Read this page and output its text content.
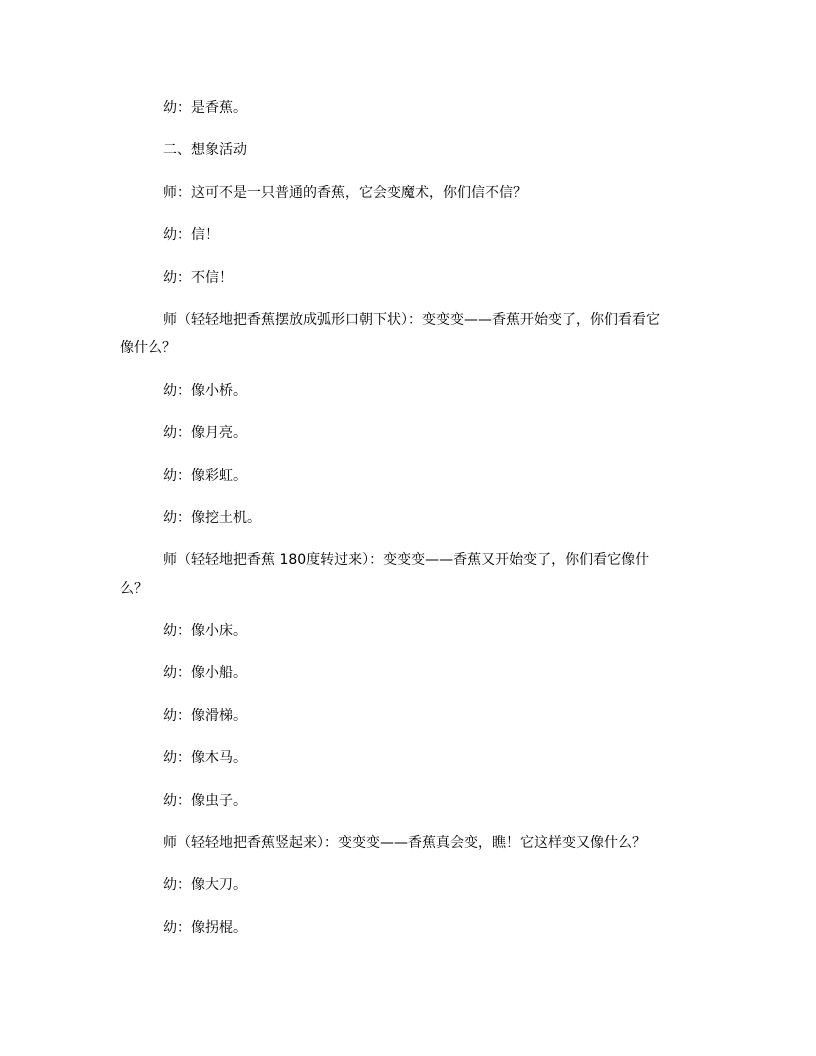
幼：是香蕉。

二、想象活动

师：这可不是一只普通的香蕉，它会变魔术，你们信不信？

幼：信！

幼：不信！

师（轻轻地把香蕉摆放成弧形口朝下状）：变变变——香蕉开始变了，你们看看它
像什么？

幼：像小桥。

幼：像月亮。

幼：像彩虹。

幼：像挖土机。

师（轻轻地把香蕉 180度转过来）：变变变——香蕉又开始变了，你们看它像什
么？

幼：像小床。

幼：像小船。

幼：像滑梯。

幼：像木马。

幼：像虫子。

师（轻轻地把香蕉竖起来）：变变变——香蕉真会变，瞧！它这样变又像什么？

幼：像大刀。

幼：像拐棍。
